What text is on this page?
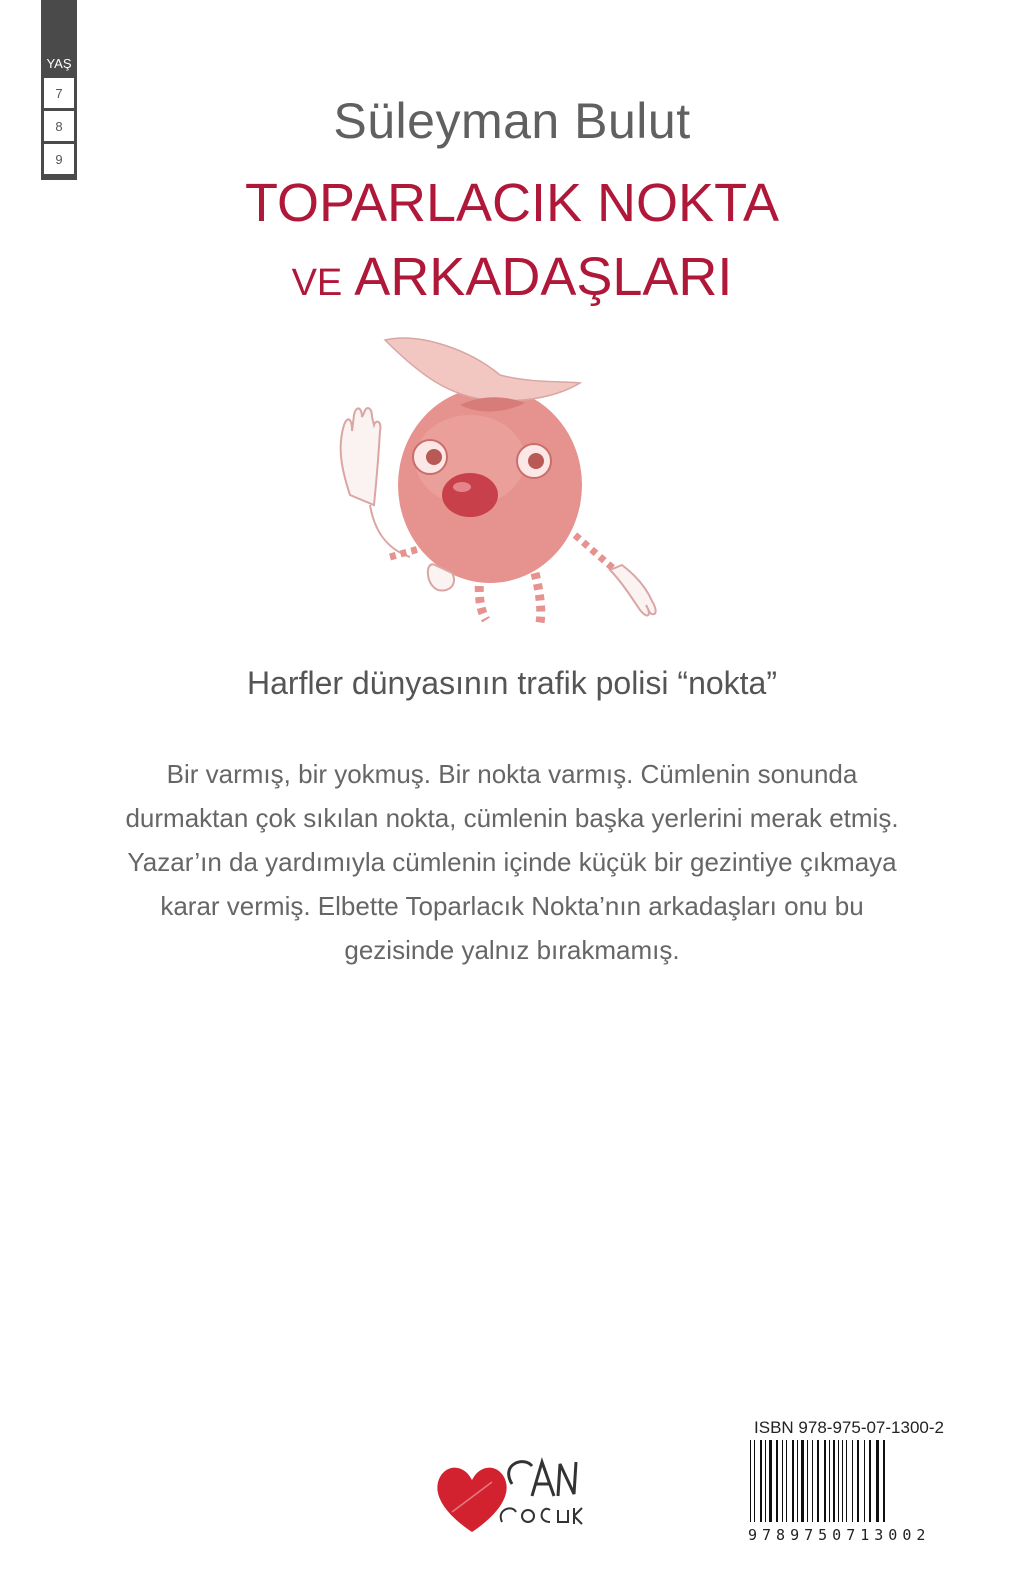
YAŞ
7
8
9
Süleyman Bulut
TOPARLACIK NOKTA
VE ARKADAŞLARI
Harfler dünyasının trafik polisi “nokta”
Bir varmış, bir yokmuş. Bir nokta varmış. Cümlenin sonunda durmaktan çok sıkılan nokta, cümlenin başka yerlerini merak etmiş. Yazar’ın da yardımıyla cümlenin içinde küçük bir gezintiye çıkmaya karar vermiş. Elbette Toparlacık Nokta’nın arkadaşları onu bu gezisinde yalnız bırakmamış.
ISBN 978-975-07-1300-2
9789750713002
